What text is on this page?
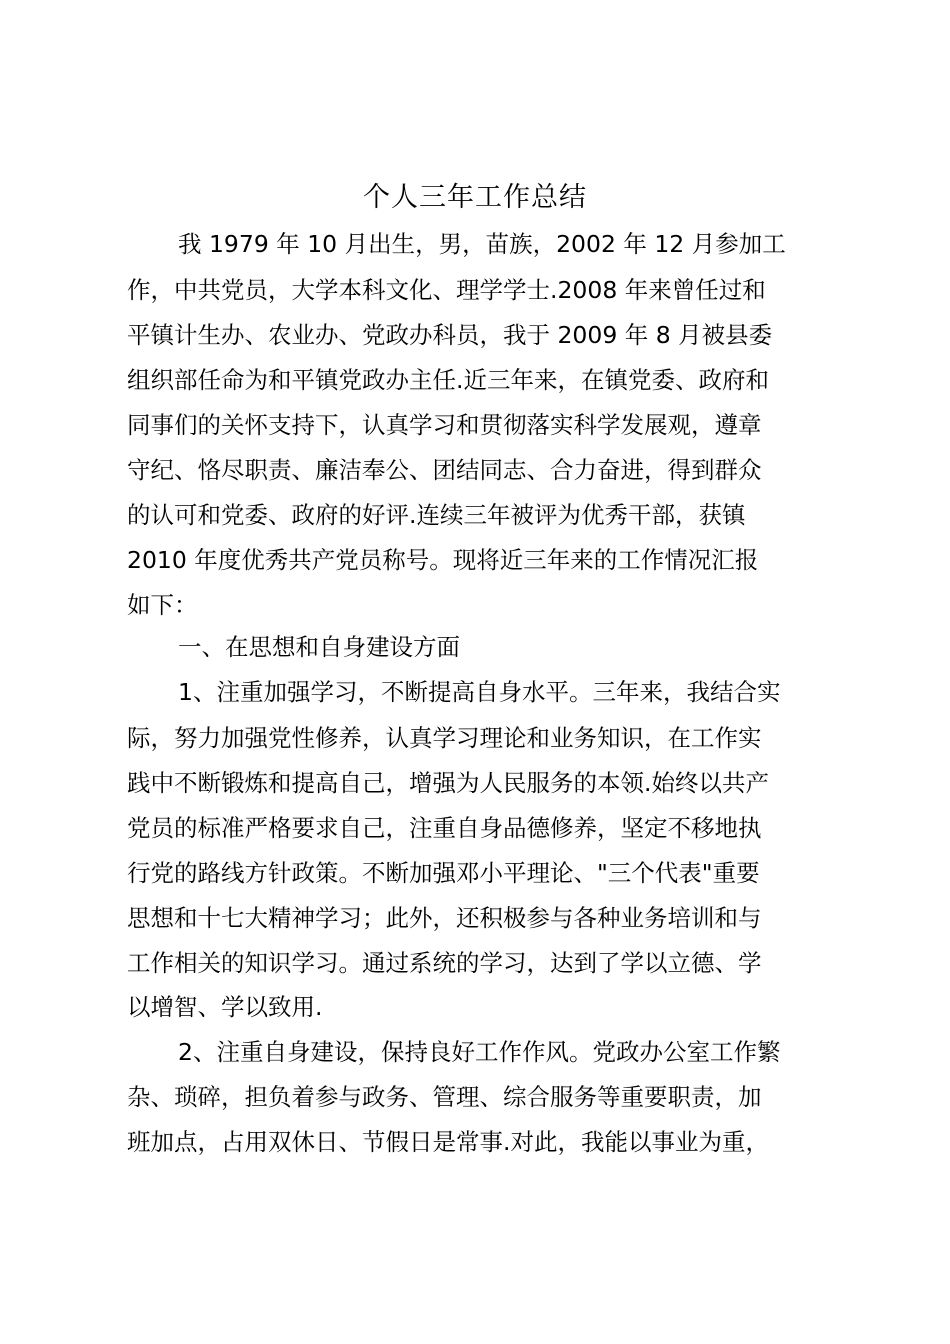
个人三年工作总结
我 1979 年 10 月出生，男，苗族，2002 年 12 月参加工
作，中共党员，大学本科文化、理学学士.2008 年来曾任过和
平镇计生办、农业办、党政办科员，我于 2009 年 8 月被县委
组织部任命为和平镇党政办主任.近三年来，在镇党委、政府和
同事们的关怀支持下，认真学习和贯彻落实科学发展观，遵章
守纪、恪尽职责、廉洁奉公、团结同志、合力奋进，得到群众
的认可和党委、政府的好评.连续三年被评为优秀干部，获镇
2010 年度优秀共产党员称号。现将近三年来的工作情况汇报
如下：
一、在思想和自身建设方面
1、注重加强学习，不断提高自身水平。三年来，我结合实
际，努力加强党性修养，认真学习理论和业务知识，在工作实
践中不断锻炼和提高自己，增强为人民服务的本领.始终以共产
党员的标准严格要求自己，注重自身品德修养，坚定不移地执
行党的路线方针政策。不断加强邓小平理论、"三个代表"重要
思想和十七大精神学习；此外，还积极参与各种业务培训和与
工作相关的知识学习。通过系统的学习，达到了学以立德、学
以增智、学以致用.
2、注重自身建设，保持良好工作作风。党政办公室工作繁
杂、琐碎，担负着参与政务、管理、综合服务等重要职责，加
班加点，占用双休日、节假日是常事.对此，我能以事业为重，
